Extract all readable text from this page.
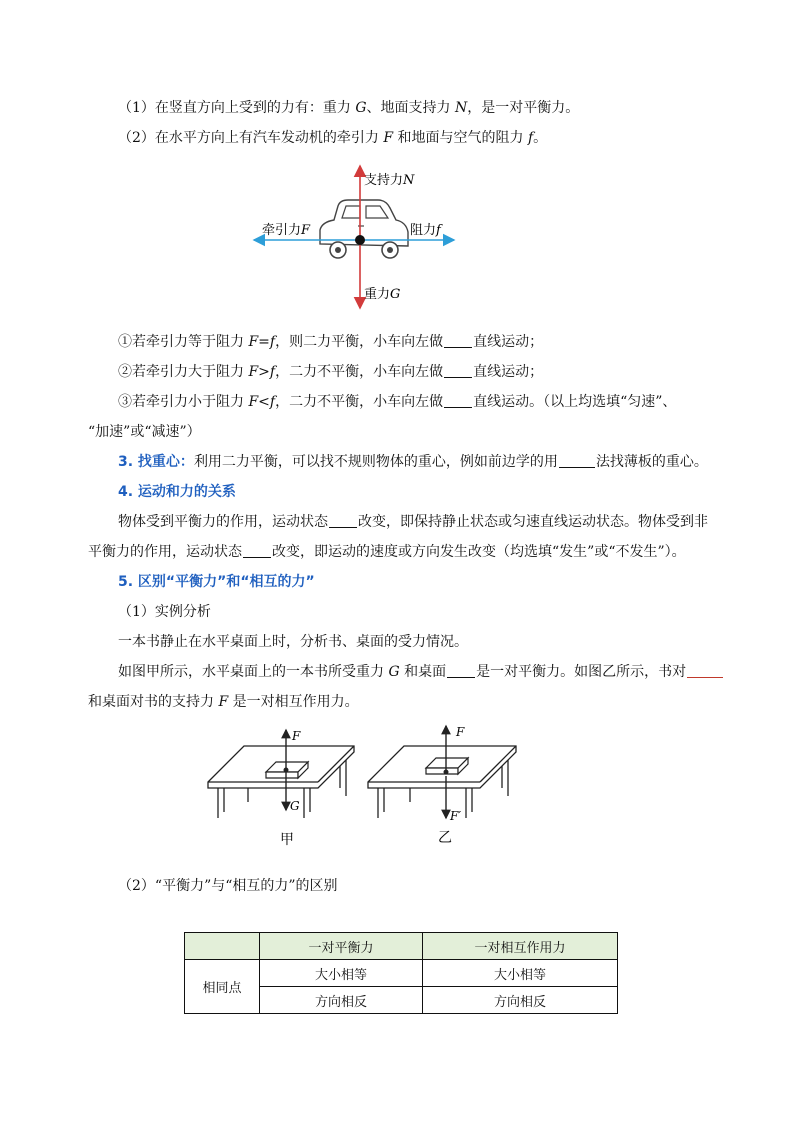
（1）在竖直方向上受到的力有：重力 G、地面支持力 N，是一对平衡力。
（2）在水平方向上有汽车发动机的牵引力 F 和地面与空气的阻力 f。
支持力N
牵引力F	阻力f
重力G
①若牵引力等于阻力 F=f，则二力平衡，小车向左做 直线运动；
②若牵引力大于阻力 F>f，二力不平衡，小车向左做 直线运动；
③若牵引力小于阻力 F<f，二力不平衡，小车向左做 直线运动。（以上均选填“匀速”、
“加速”或“减速”）
3. 找重心：利用二力平衡，可以找不规则物体的重心，例如前边学的用	法找薄板的重心。
4. 运动和力的关系
物体受到平衡力的作用，运动状态 改变，即保持静止状态或匀速直线运动状态。物体受到非
平衡力的作用，运动状态 改变，即运动的速度或方向发生改变（均选填“发生”或“不发生”）。
5. 区别“平衡力”和“相互的力”
（1）实例分析
一本书静止在水平桌面上时，分析书、桌面的受力情况。
如图甲所示，水平桌面上的一本书所受重力 G 和桌面 是一对平衡力。如图乙所示，书对
和桌面对书的支持力 F 是一对相互作用力。
F
G
甲
F
F′
乙
（2）“平衡力”与“相互的力”的区别
	一对平衡力	一对相互作用力
相同点	大小相等	大小相等
	方向相反	方向相反
